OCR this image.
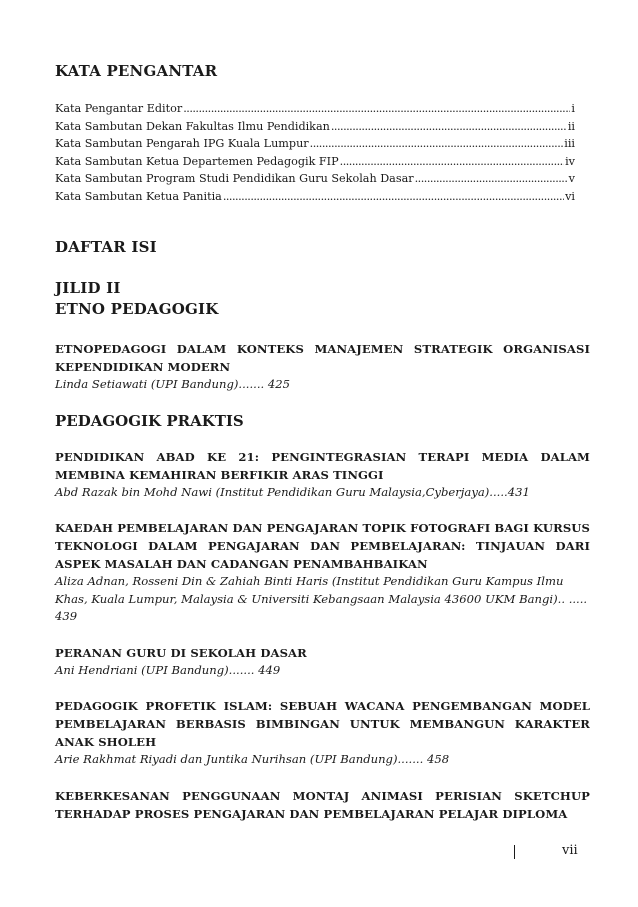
KATA PENGANTAR
Kata Pengantar Editor .....	i
Kata Sambutan Dekan Fakultas Ilmu Pendidikan .....	ii
Kata Sambutan Pengarah IPG Kuala Lumpur .....	iii
Kata Sambutan Ketua Departemen Pedagogik FIP .....	iv
Kata Sambutan Program Studi Pendidikan Guru Sekolah Dasar .....	v
Kata Sambutan Ketua Panitia .....	vi
DAFTAR ISI
JILID II
ETNO PEDAGOGIK
ETNOPEDAGOGI DALAM KONTEKS MANAJEMEN STRATEGIK ORGANISASI KEPENDIDIKAN MODERN
Linda Setiawati (UPI Bandung)....... 425
PEDAGOGIK PRAKTIS
PENDIDIKAN ABAD KE 21: PENGINTEGRASIAN TERAPI MEDIA DALAM MEMBINA KEMAHIRAN BERFIKIR ARAS TINGGI
Abd Razak bin Mohd Nawi (Institut Pendidikan Guru Malaysia,Cyberjaya).....431
KAEDAH PEMBELAJARAN DAN PENGAJARAN TOPIK FOTOGRAFI BAGI KURSUS TEKNOLOGI DALAM PENGAJARAN DAN PEMBELAJARAN: TINJAUAN DARI ASPEK MASALAH DAN CADANGAN PENAMBAHBAIKAN
Aliza Adnan, Rosseni Din & Zahiah Binti Haris (Institut Pendidikan Guru Kampus Ilmu Khas, Kuala Lumpur, Malaysia & Universiti Kebangsaan Malaysia 43600 UKM Bangi).. ..... 439
PERANAN GURU DI SEKOLAH DASAR
Ani Hendriani (UPI Bandung)....... 449
PEDAGOGIK PROFETIK ISLAM: SEBUAH WACANA PENGEMBANGAN MODEL PEMBELAJARAN BERBASIS BIMBINGAN UNTUK MEMBANGUN KARAKTER ANAK SHOLEH
Arie Rakhmat Riyadi dan Juntika Nurihsan (UPI Bandung)....... 458
KEBERKESANAN PENGGUNAAN MONTAJ ANIMASI PERISIAN SKETCHUP TERHADAP PROSES PENGAJARAN DAN PEMBELAJARAN PELAJAR DIPLOMA
vii
